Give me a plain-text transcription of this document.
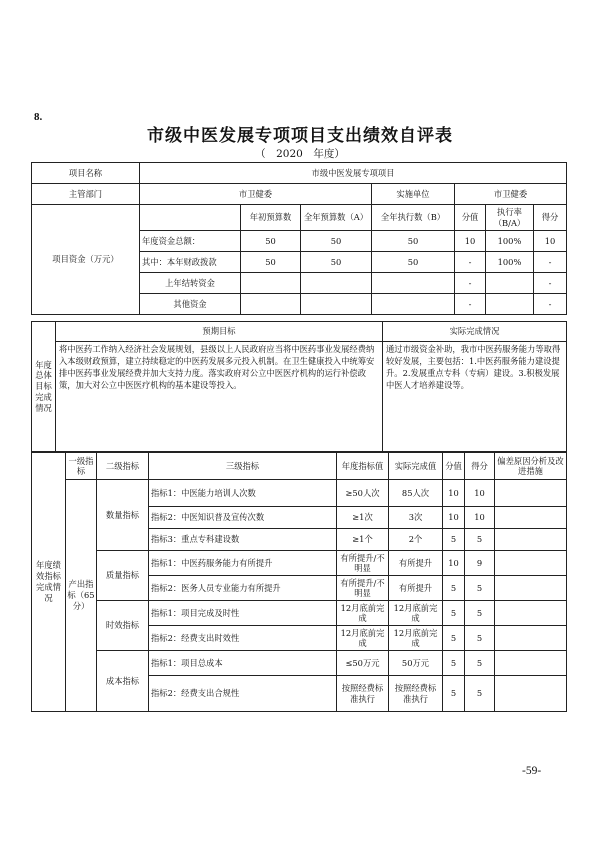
8.
市级中医发展专项项目支出绩效自评表
（　2020　年度）
项目名称	市级中医发展专项项目						
主管部门	市卫健委			实施单位	市卫健委		
项目资金（万元）		年初预算数	全年预算数（A）	全年执行数（B）	分值	执行率（B/A）	得分
	年度资金总额：	50	50	50	10	100%	10
	其中：本年财政拨款	50	50	50	-	100%	-
	上年结转资金				-		-
	其他资金				-		-
年度总体目标完成情况	预期目标	实际完成情况
	将中医药工作纳入经济社会发展规划，县级以上人民政府应当将中医药事业发展经费纳入本级财政预算，建立持续稳定的中医药发展多元投入机制。在卫生健康投入中统筹安排中医药事业发展经费并加大支持力度。落实政府对公立中医医疗机构的运行补偿政策，加大对公立中医医疗机构的基本建设等投入。	通过市级资金补助，我市中医药服务能力等取得较好发展，主要包括：1.中医药服务能力建设提升。2.发展重点专科（专病）建设。3.积极发展中医人才培养建设等。
年度绩效指标完成情况	一级指标	二级指标	三级指标	年度指标值	实际完成值	分值	得分	偏差原因分析及改进措施
	产出指标（65分）	数量指标	指标1：中医能力培训人次数	≥50人次	85人次	10	10	
			指标2：中医知识普及宣传次数	≥1次	3次	10	10	
			指标3：重点专科建设数	≥1个	2个	5	5	
		质量指标	指标1：中医药服务能力有所提升	有所提升/不明显	有所提升	10	9	
			指标2：医务人员专业能力有所提升	有所提升/不明显	有所提升	5	5	
		时效指标	指标1：项目完成及时性	12月底前完成	12月底前完成	5	5	
			指标2：经费支出时效性	12月底前完成	12月底前完成	5	5	
		成本指标	指标1：项目总成本	≤50万元	50万元	5	5	
			指标2：经费支出合规性	按照经费标准执行	按照经费标准执行	5	5	
-59-
